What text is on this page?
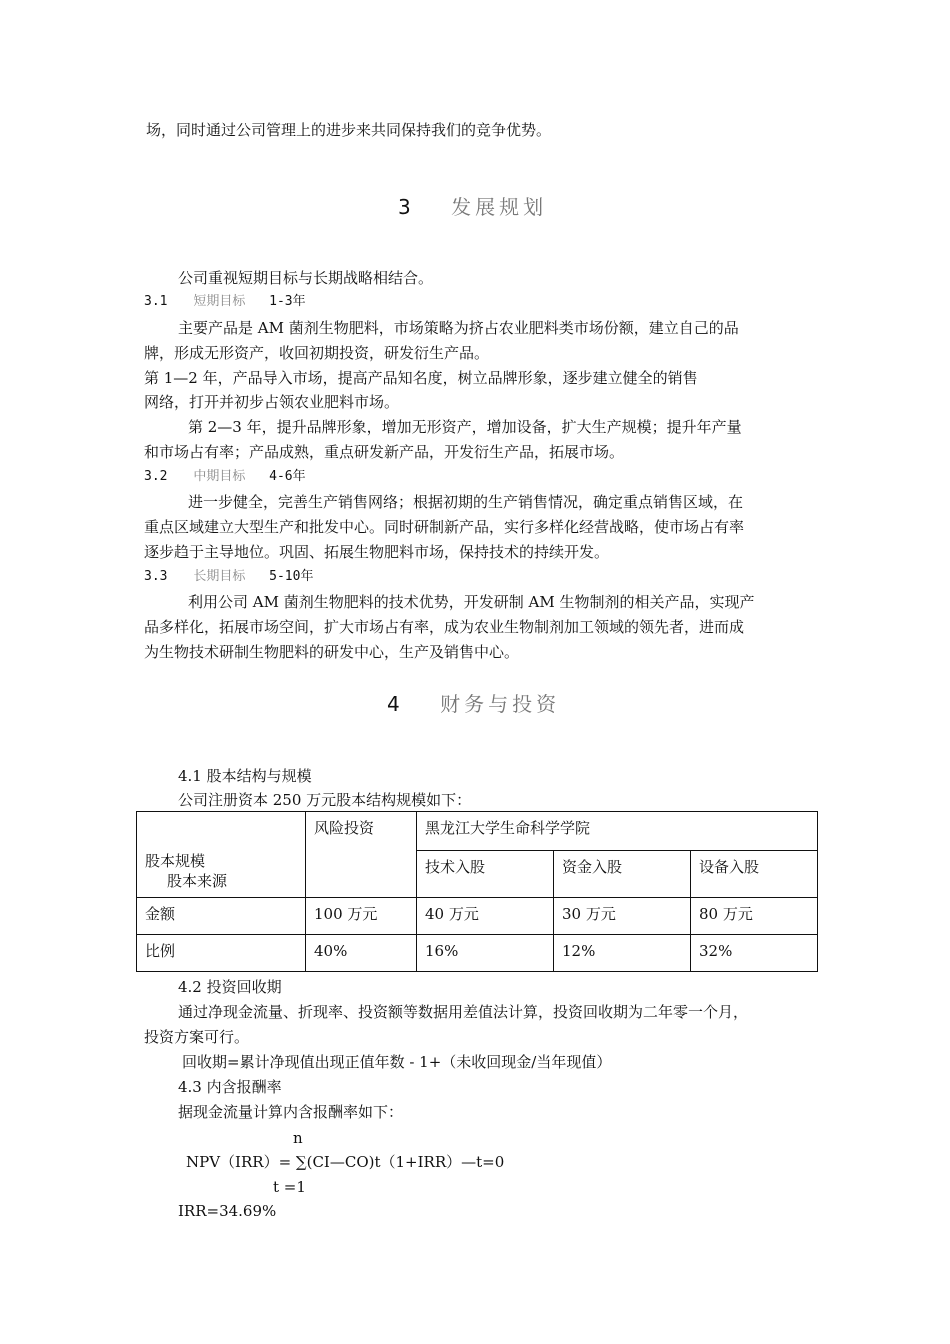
场，同时通过公司管理上的进步来共同保持我们的竞争优势。
3 发展规划
公司重视短期目标与长期战略相结合。
3.1 短期目标 1-3年
主要产品是 AM 菌剂生物肥料，市场策略为挤占农业肥料类市场份额，建立自己的品
牌，形成无形资产，收回初期投资，研发衍生产品。
第 1—2 年，产品导入市场，提高产品知名度，树立品牌形象，逐步建立健全的销售
网络，打开并初步占领农业肥料市场。
第 2—3 年，提升品牌形象，增加无形资产，增加设备，扩大生产规模；提升年产量
和市场占有率；产品成熟，重点研发新产品，开发衍生产品，拓展市场。
3.2 中期目标 4-6年
进一步健全，完善生产销售网络；根据初期的生产销售情况，确定重点销售区域，在
重点区域建立大型生产和批发中心。同时研制新产品，实行多样化经营战略，使市场占有率
逐步趋于主导地位。巩固、拓展生物肥料市场，保持技术的持续开发。
3.3 长期目标 5-10年
利用公司 AM 菌剂生物肥料的技术优势，开发研制 AM 生物制剂的相关产品，实现产
品多样化，拓展市场空间，扩大市场占有率，成为农业生物制剂加工领域的领先者，进而成
为生物技术研制生物肥料的研发中心，生产及销售中心。
4 财务与投资
4.1 股本结构与规模
公司注册资本 250 万元股本结构规模如下：
股本规模
股本来源	风险投资	黑龙江大学生命科学学院		
		技术入股	资金入股	设备入股
金额	100 万元	40 万元	30 万元	80 万元
比例	40%	16%	12%	32%
4.2 投资回收期
通过净现金流量、折现率、投资额等数据用差值法计算，投资回收期为二年零一个月，
投资方案可行。
回收期=累计净现值出现正值年数 - 1+（未收回现金/当年现值）
4.3 内含报酬率
据现金流量计算内含报酬率如下：
n
NPV（IRR）= ∑(CI—CO)t（1+IRR）—t=0
t =1
IRR=34.69%
